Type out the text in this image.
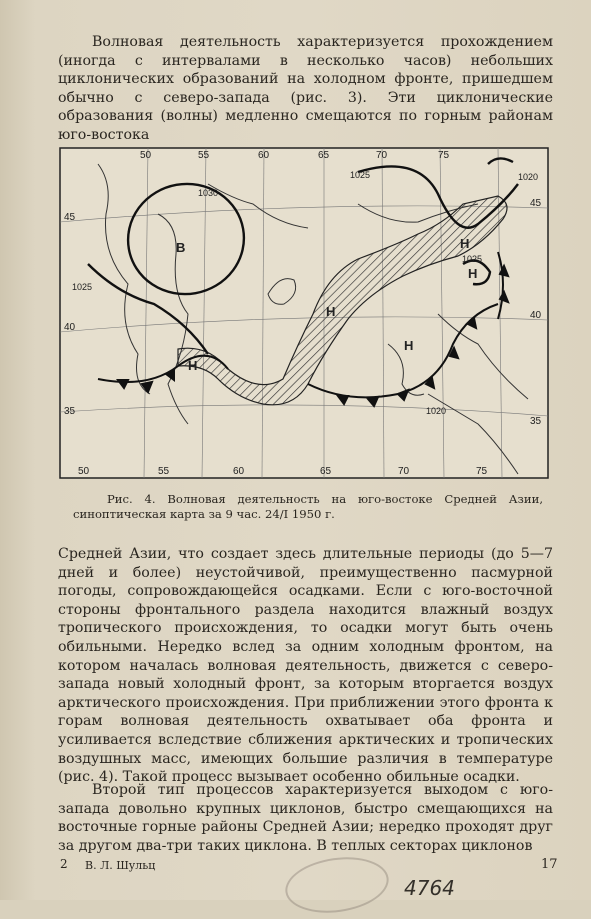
Волновая деятельность характеризуется прохождением (иногда с интервалами в несколько часов) небольших циклонических образований на холодном фронте, пришедшем обычно с северо-запада (рис. 3). Эти циклонические образования (волны) медленно смещаются по горным районам юго-востока

50	55	60	65	70	75
50	55	65	70	75
60
45
40
35
45
40
35
1030
1025
1025	1020
1025
1020
В
Н
Н
Н
Н
Н

Рис. 4. Волновая деятельность на юго-востоке Средней Азии, синоптическая карта за 9 час. 24/I 1950 г.

Средней Азии, что создает здесь длительные периоды (до 5—7 дней и более) неустойчивой, преимущественно пасмурной погоды, сопровождающейся осадками. Если с юго-восточной стороны фронтального раздела находится влажный воздух тропического происхождения, то осадки могут быть очень обильными. Нередко вслед за одним холодным фронтом, на котором началась волновая деятельность, движется с северо-запада новый холодный фронт, за которым вторгается воздух арктического происхождения. При приближении этого фронта к горам волновая деятельность охватывает оба фронта и усиливается вследствие сближения арктических и тропических воздушных масс, имеющих большие различия в температуре (рис. 4). Такой процесс вызывает особенно обильные осадки.

Второй тип процессов характеризуется выходом с юго-запада довольно крупных циклонов, быстро смещающихся на восточные горные районы Средней Азии; нередко проходят друг за другом два-три таких циклона. В теплых секторах циклонов

2 В. Л. Шульц
4764
17
